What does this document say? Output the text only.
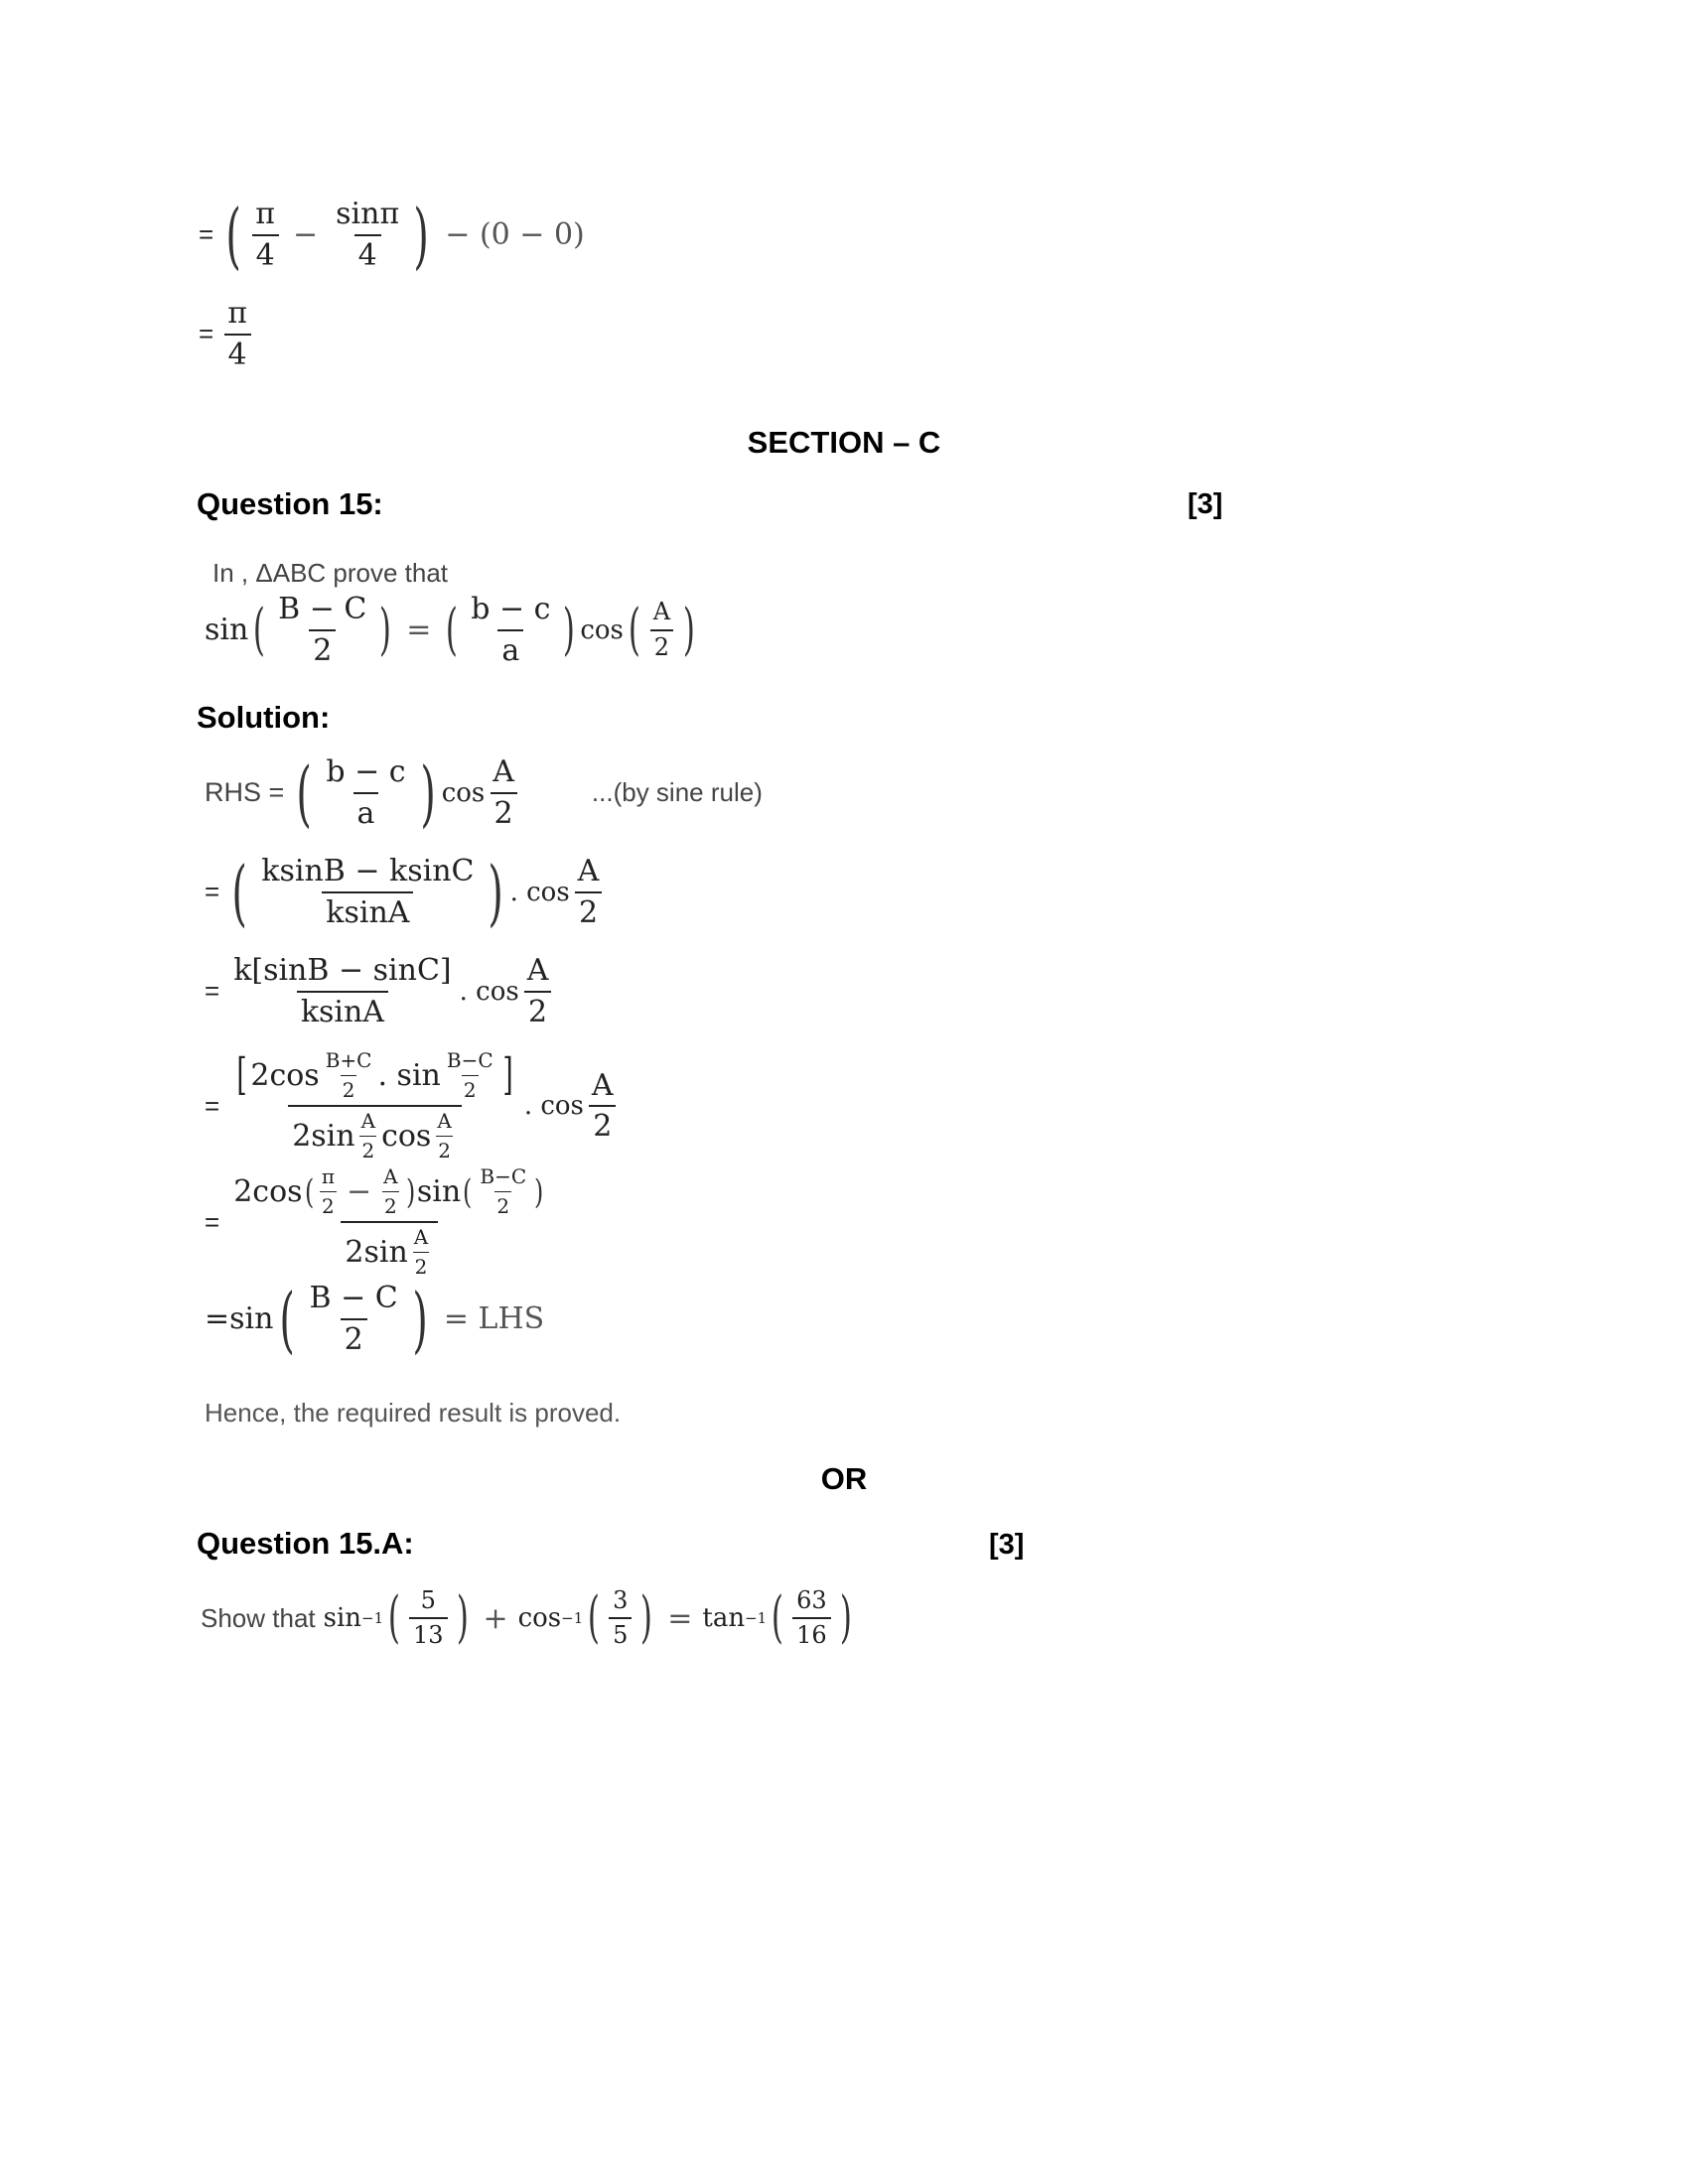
= ( $\frac{\pi}{4} - \frac{\sin\pi}{4}$ ) − (0 − 0)
= $\frac{\pi}{4}$
SECTION – C
Question 15:	[3]
In , ΔABC prove that
sin ( $\frac{B - C}{2}$ ) = ( $\frac{b - c}{a}$ ) cos ( $\frac{A}{2}$ )
Solution:
RHS = ( $\frac{b - c}{a}$ ) $\cos \frac{A}{2}$	...(by sine rule)
= ( $\frac{ksinB - ksinC}{ksinA}$ ) . $\cos \frac{A}{2}$
= $\frac{k[\sin B - \sin C]}{ksinA}$ . $\cos \frac{A}{2}$
=
[ $2\cos \frac{B+C}{2}$ . $\sin \frac{B-C}{2}$ ]
$2\sin \frac{A}{2}$ $\cos \frac{A}{2}$
. $\cos \frac{A}{2}$
=
2cos ( $\frac{\pi}{2} - \frac{A}{2}$ ) sin ( $\frac{B-C}{2}$ )
$2\sin \frac{A}{2}$
=sin ( $\frac{B - C}{2}$ ) = LHS
Hence, the required result is proved.
OR
Question 15.A:	[3]
Show that sin −1 ( $\frac{5}{13}$ ) + cos −1 ( $\frac{3}{5}$ ) = tan −1 ( $\frac{63}{16}$ )
